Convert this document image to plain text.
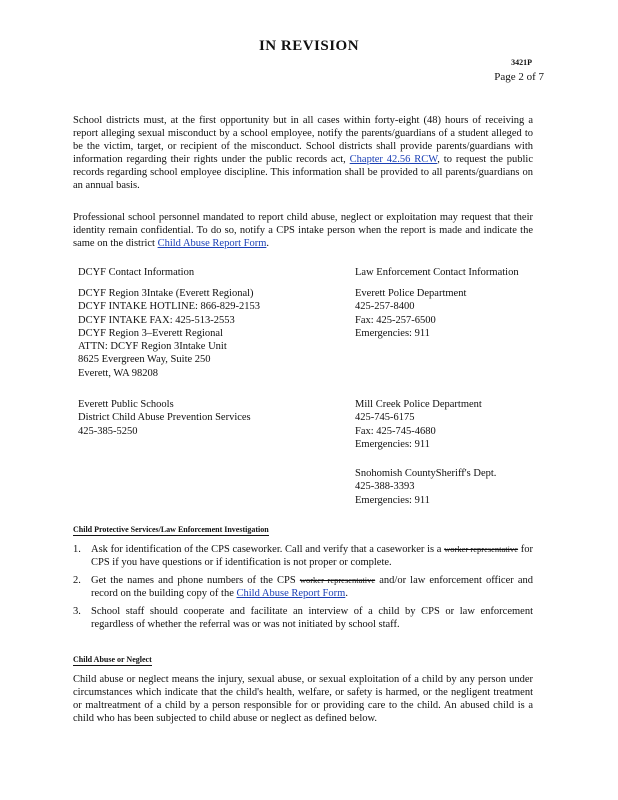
IN REVISION
3421P
Page 2 of 7

School districts must, at the first opportunity but in all cases within forty-eight (48) hours of receiving a report alleging sexual misconduct by a school employee, notify the parents/guardians of a student alleged to be the victim, target, or recipient of the misconduct. School districts shall provide parents/guardians with information regarding their rights under the public records act, Chapter 42.56 RCW, to request the public records regarding school employee discipline. This information shall be provided to all parents/guardians on an annual basis.

Professional school personnel mandated to report child abuse, neglect or exploitation may request that their identity remain confidential. To do so, notify a CPS intake person when the report is made and indicate the same on the district Child Abuse Report Form.

DCYF Contact Information	Law Enforcement Contact Information
DCYF Region 3Intake (Everett Regional)
DCYF INTAKE HOTLINE: 866-829-2153
DCYF INTAKE FAX: 425-513-2553
DCYF Region 3–Everett Regional
ATTN: DCYF Region 3Intake Unit
8625 Evergreen Way, Suite 250
Everett, WA 98208
Everett Police Department
425-257-8400
Fax: 425-257-6500
Emergencies: 911
Everett Public Schools
District Child Abuse Prevention Services
425-385-5250
Mill Creek Police Department
425-745-6175
Fax: 425-745-4680
Emergencies: 911
Snohomish CountySheriff's Dept.
425-388-3393
Emergencies: 911
Child Protective Services/Law Enforcement Investigation
1. Ask for identification of the CPS caseworker. Call and verify that a caseworker is a worker representative for CPS if you have questions or if identification is not proper or complete.
2. Get the names and phone numbers of the CPS worker representative and/or law enforcement officer and record on the building copy of the Child Abuse Report Form.
3. School staff should cooperate and facilitate an interview of a child by CPS or law enforcement regardless of whether the referral was or was not initiated by school staff.
Child Abuse or Neglect

Child abuse or neglect means the injury, sexual abuse, or sexual exploitation of a child by any person under circumstances which indicate that the child's health, welfare, or safety is harmed, or the negligent treatment or maltreatment of a child by a person responsible for or providing care to the child. An abused child is a child who has been subjected to child abuse or neglect as defined below.
